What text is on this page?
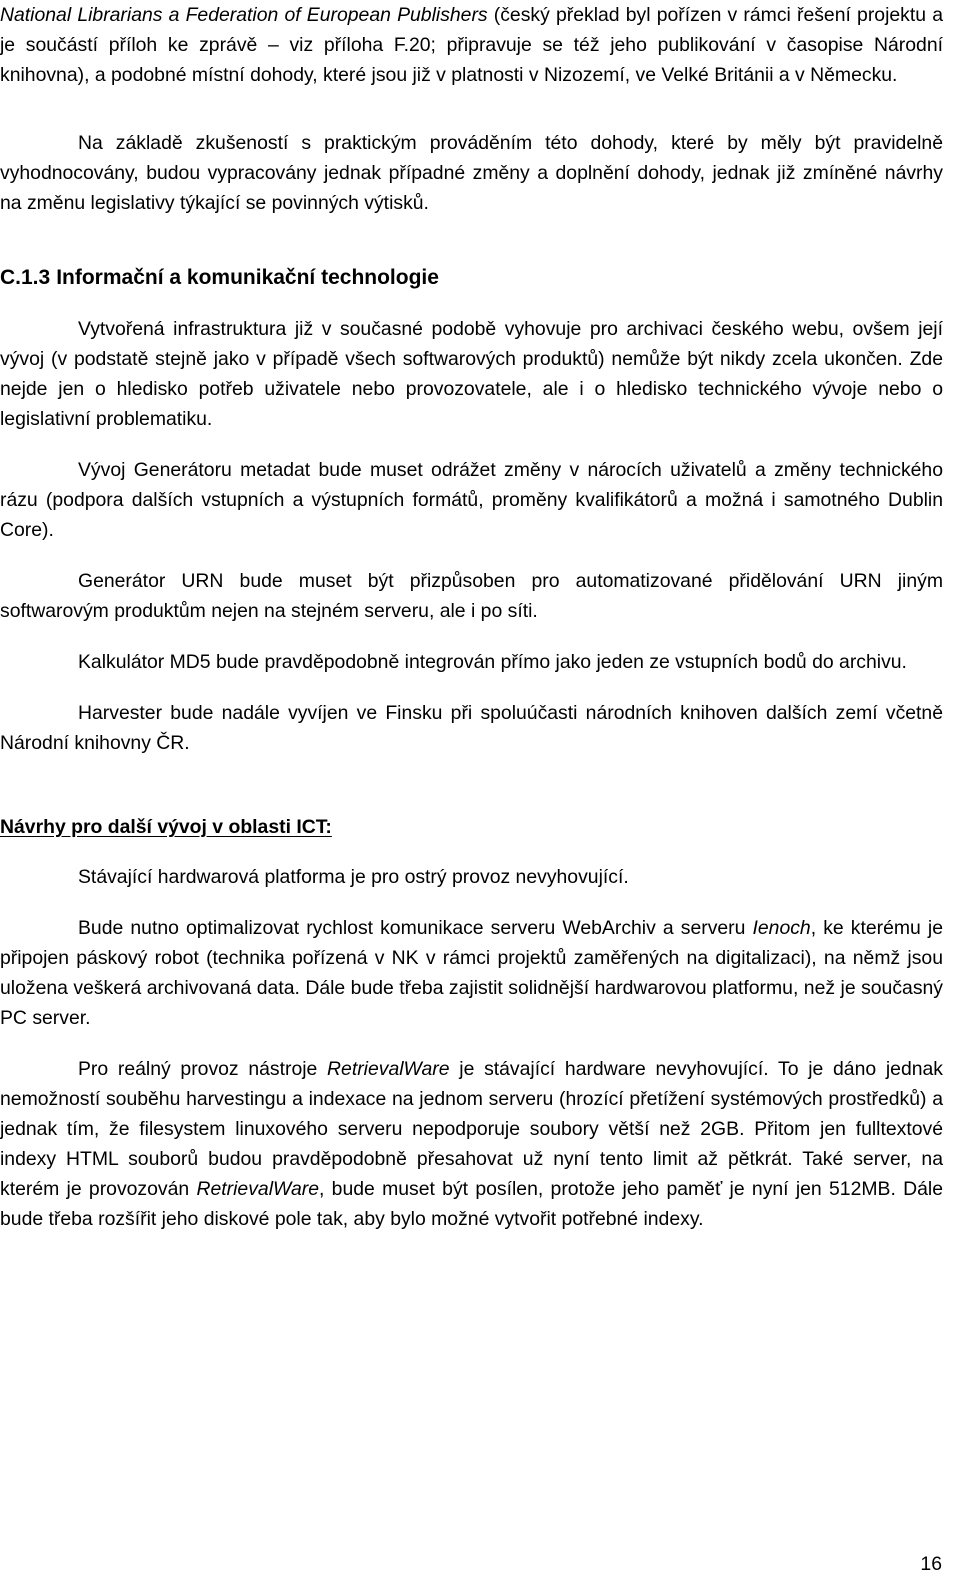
National Librarians a Federation of European Publishers (český překlad byl pořízen v rámci řešení projektu a je součástí příloh ke zprávě – viz příloha F.20; připravuje se též jeho publikování v časopise Národní knihovna), a podobné místní dohody, které jsou již v platnosti v Nizozemí, ve Velké Británii a v Německu.

Na základě zkušeností s praktickým prováděním této dohody, které by měly být pravidelně vyhodnocovány, budou vypracovány jednak případné změny a doplnění dohody, jednak již zmíněné návrhy na změnu legislativy týkající se povinných výtisků.

C.1.3 Informační a komunikační technologie

Vytvořená infrastruktura již v současné podobě vyhovuje pro archivaci českého webu, ovšem její vývoj (v podstatě stejně jako v případě všech softwarových produktů) nemůže být nikdy zcela ukončen. Zde nejde jen o hledisko potřeb uživatele nebo provozovatele, ale i o hledisko technického vývoje nebo o legislativní problematiku.

Vývoj Generátoru metadat bude muset odrážet změny v nárocích uživatelů a změny technického rázu (podpora dalších vstupních a výstupních formátů, proměny kvalifikátorů a možná i samotného Dublin Core).

Generátor URN bude muset být přizpůsoben pro automatizované přidělování URN jiným softwarovým produktům nejen na stejném serveru, ale i po síti.

Kalkulátor MD5 bude pravděpodobně integrován přímo jako jeden ze vstupních bodů do archivu.

Harvester bude nadále vyvíjen ve Finsku při spoluúčasti národních knihoven dalších zemí včetně Národní knihovny ČR.

Návrhy pro další vývoj v oblasti ICT:

Stávající hardwarová platforma je pro ostrý provoz nevyhovující.

Bude nutno optimalizovat rychlost komunikace serveru WebArchiv a serveru Ienoch, ke kterému je připojen páskový robot (technika pořízená v NK v rámci projektů zaměřených na digitalizaci), na němž jsou uložena veškerá archivovaná data. Dále bude třeba zajistit solidnější hardwarovou platformu, než je současný PC server.

Pro reálný provoz nástroje RetrievalWare je stávající hardware nevyhovující. To je dáno jednak nemožností souběhu harvestingu a indexace na jednom serveru (hrozící přetížení systémových prostředků) a jednak tím, že filesystem linuxového serveru nepodporuje soubory větší než 2GB. Přitom jen fulltextové indexy HTML souborů budou pravděpodobně přesahovat už nyní tento limit až pětkrát. Také server, na kterém je provozován RetrievalWare, bude muset být posílen, protože jeho paměť je nyní jen 512MB. Dále bude třeba rozšířit jeho diskové pole tak, aby bylo možné vytvořit potřebné indexy.

16
